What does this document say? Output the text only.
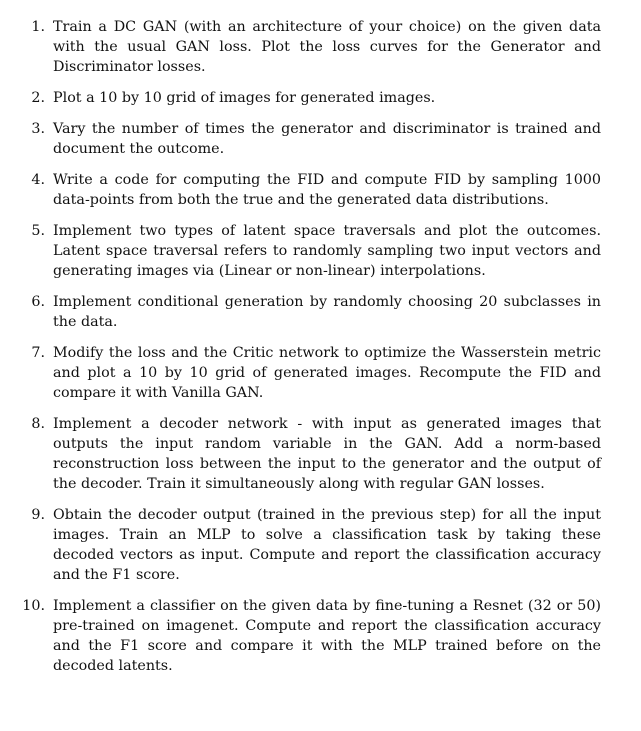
1. Train a DC GAN (with an architecture of your choice) on the given data with the usual GAN loss. Plot the loss curves for the Generator and Discriminator losses.
2. Plot a 10 by 10 grid of images for generated images.
3. Vary the number of times the generator and discriminator is trained and document the outcome.
4. Write a code for computing the FID and compute FID by sampling 1000 data-points from both the true and the generated data distributions.
5. Implement two types of latent space traversals and plot the outcomes. Latent space traversal refers to randomly sampling two input vectors and generating images via (Linear or non-linear) interpolations.
6. Implement conditional generation by randomly choosing 20 subclasses in the data.
7. Modify the loss and the Critic network to optimize the Wasserstein metric and plot a 10 by 10 grid of generated images. Recompute the FID and compare it with Vanilla GAN.
8. Implement a decoder network - with input as generated images that outputs the input random variable in the GAN. Add a norm-based reconstruction loss between the input to the generator and the output of the decoder. Train it simultaneously along with regular GAN losses.
9. Obtain the decoder output (trained in the previous step) for all the input images. Train an MLP to solve a classification task by taking these decoded vectors as input. Compute and report the classification accuracy and the F1 score.
10. Implement a classifier on the given data by fine-tuning a Resnet (32 or 50) pre-trained on imagenet. Compute and report the classification accuracy and the F1 score and compare it with the MLP trained before on the decoded latents.
